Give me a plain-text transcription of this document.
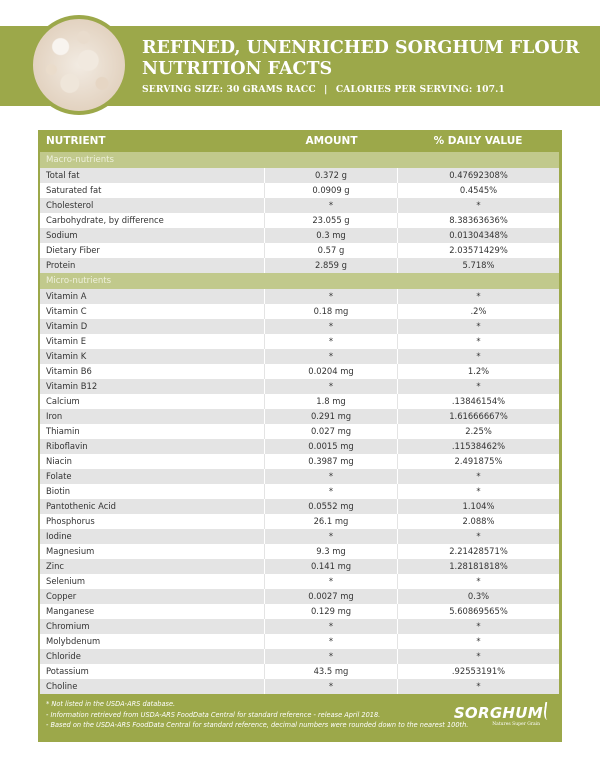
REFINED, UNENRICHED SORGHUM FLOUR
NUTRITION FACTS
SERVING SIZE: 30 GRAMS RACC | CALORIES PER SERVING: 107.1
NUTRIENT	AMOUNT	% DAILY VALUE
Macro-nutrients
Total fat	0.372 g	0.47692308%
Saturated fat	0.0909 g	0.4545%
Cholesterol	*	*
Carbohydrate, by difference	23.055 g	8.38363636%
Sodium	0.3 mg	0.01304348%
Dietary Fiber	0.57 g	2.03571429%
Protein	2.859 g	5.718%
Micro-nutrients
Vitamin A	*	*
Vitamin C	0.18 mg	.2%
Vitamin D	*	*
Vitamin E	*	*
Vitamin K	*	*
Vitamin B6	0.0204 mg	1.2%
Vitamin B12	*	*
Calcium	1.8 mg	.13846154%
Iron	0.291 mg	1.61666667%
Thiamin	0.027 mg	2.25%
Riboflavin	0.0015 mg	.11538462%
Niacin	0.3987 mg	2.491875%
Folate	*	*
Biotin	*	*
Pantothenic Acid	0.0552 mg	1.104%
Phosphorus	26.1 mg	2.088%
Iodine	*	*
Magnesium	9.3 mg	2.21428571%
Zinc	0.141 mg	1.28181818%
Selenium	*	*
Copper	0.0027 mg	0.3%
Manganese	0.129 mg	5.60869565%
Chromium	*	*
Molybdenum	*	*
Chloride	*	*
Potassium	43.5 mg	.92553191%
Choline	*	*
* Not listed in the USDA-ARS database.
- Information retrieved from USDA-ARS FoodData Central for standard reference - release April 2018.
- Based on the USDA-ARS FoodData Central for standard reference, decimal numbers were rounded down to the nearest 100th.
SORGHUM
Natures Super Grain
